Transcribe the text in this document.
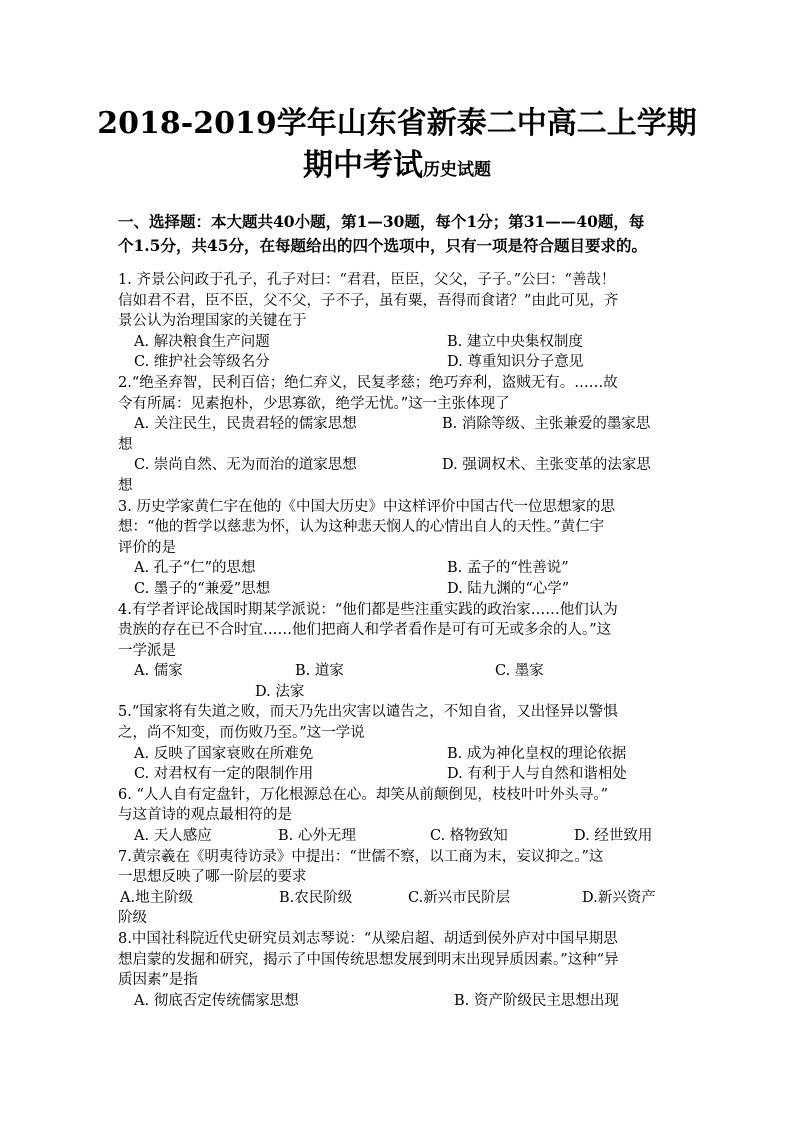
2018-2019学年山东省新泰二中高二上学期
期中考试历史试题
一、选择题：本大题共40小题，第1—30题，每个1分；第31——40题，每
个1.5分，共45分，在每题给出的四个选项中，只有一项是符合题目要求的。
1. 齐景公问政于孔子，孔子对曰：“君君，臣臣，父父，子子。”公曰：“善哉！
信如君不君，臣不臣，父不父，子不子，虽有粟，吾得而食诸？”由此可见，齐
景公认为治理国家的关键在于
A. 解决粮食生产问题	B. 建立中央集权制度
C. 维护社会等级名分	D. 尊重知识分子意见
2.“绝圣弃智，民利百倍；绝仁弃义，民复孝慈；绝巧弃利，盗贼无有。……故
令有所属：见素抱朴，少思寡欲，绝学无忧。”这一主张体现了
A. 关注民生，民贵君轻的儒家思想	B. 消除等级、主张兼爱的墨家思
想
C. 崇尚自然、无为而治的道家思想	D. 强调权术、主张变革的法家思
想
3. 历史学家黄仁宇在他的《中国大历史》中这样评价中国古代一位思想家的思
想：“他的哲学以慈悲为怀，认为这种悲天悯人的心情出自人的天性。”黄仁宇
评价的是
A. 孔子“仁”的思想	B. 孟子的“性善说”
C. 墨子的“兼爱”思想	D. 陆九渊的“心学”
4.有学者评论战国时期某学派说：“他们都是些注重实践的政治家……他们认为
贵族的存在已不合时宜……他们把商人和学者看作是可有可无或多余的人。”这
一学派是
A. 儒家	B. 道家	C. 墨家
D. 法家
5.“国家将有失道之败，而天乃先出灾害以谴告之，不知自省，又出怪异以警惧
之，尚不知变，而伤败乃至。”这一学说
A. 反映了国家衰败在所难免	B. 成为神化皇权的理论依据
C. 对君权有一定的限制作用	D. 有利于人与自然和谐相处
6. “人人自有定盘针，万化根源总在心。却笑从前颠倒见，枝枝叶叶外头寻。”
与这首诗的观点最相符的是
A. 天人感应	B. 心外无理	C. 格物致知	D. 经世致用
7.黄宗羲在《明夷待访录》中提出：“世儒不察，以工商为末，妄议抑之。”这
一思想反映了哪一阶层的要求
A.地主阶级	B.农民阶级	C.新兴市民阶层	D.新兴资产
阶级
8.中国社科院近代史研究员刘志琴说：“从梁启超、胡适到侯外庐对中国早期思
想启蒙的发掘和研究，揭示了中国传统思想发展到明末出现异质因素。”这种“异
质因素”是指
A. 彻底否定传统儒家思想	B. 资产阶级民主思想出现
